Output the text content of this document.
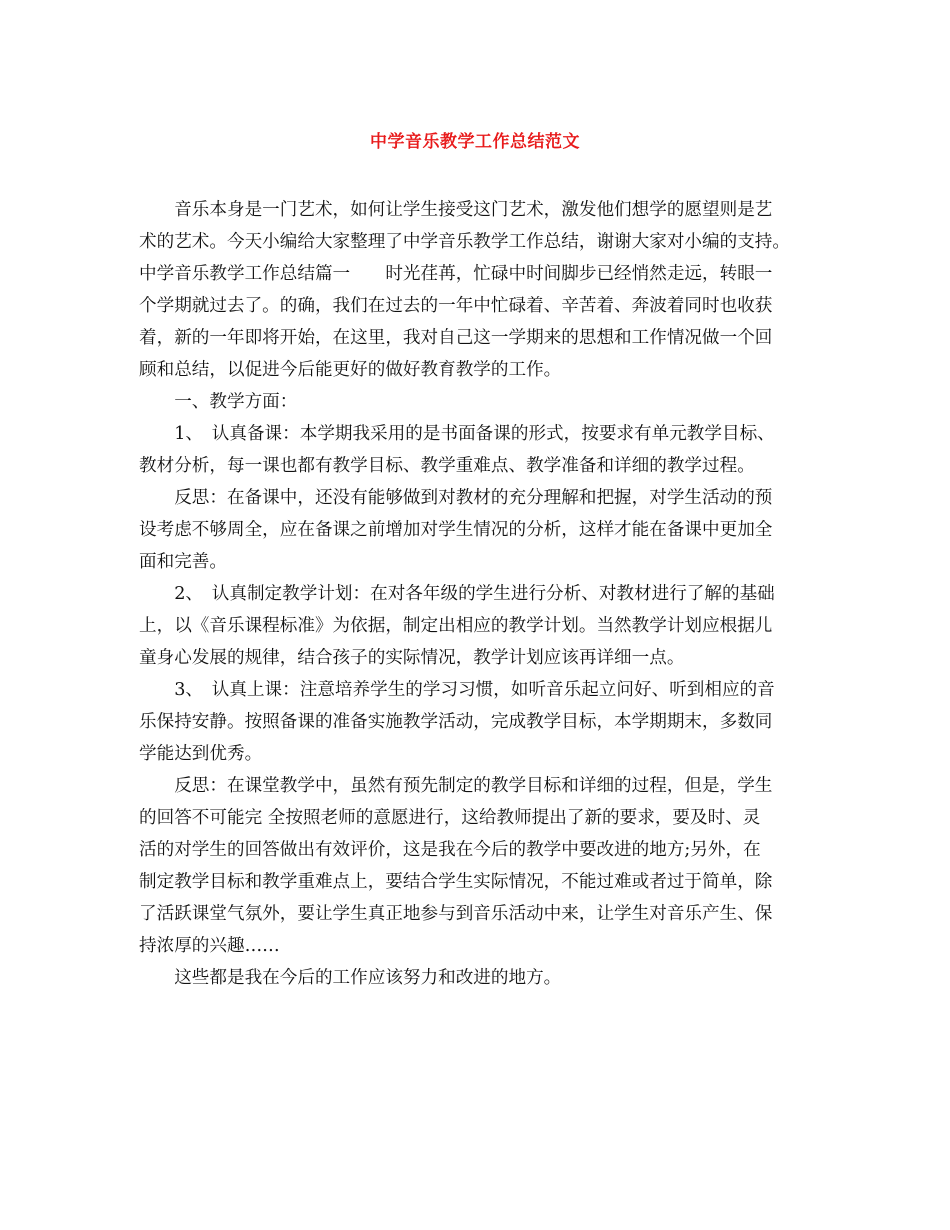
中学音乐教学工作总结范文
　　音乐本身是一门艺术，如何让学生接受这门艺术，激发他们想学的愿望则是艺
术的艺术。今天小编给大家整理了中学音乐教学工作总结，谢谢大家对小编的支持。
中学音乐教学工作总结篇一　　时光荏苒，忙碌中时间脚步已经悄然走远，转眼一
个学期就过去了。的确，我们在过去的一年中忙碌着、辛苦着、奔波着同时也收获
着，新的一年即将开始，在这里，我对自己这一学期来的思想和工作情况做一个回
顾和总结，以促进今后能更好的做好教育教学的工作。
　　一、教学方面：
　　1、　认真备课：本学期我采用的是书面备课的形式，按要求有单元教学目标、
教材分析，每一课也都有教学目标、教学重难点、教学准备和详细的教学过程。
　　反思：在备课中，还没有能够做到对教材的充分理解和把握，对学生活动的预
设考虑不够周全，应在备课之前增加对学生情况的分析，这样才能在备课中更加全
面和完善。
　　2、　认真制定教学计划：在对各年级的学生进行分析、对教材进行了解的基础
上，以《音乐课程标准》为依据，制定出相应的教学计划。当然教学计划应根据儿
童身心发展的规律，结合孩子的实际情况，教学计划应该再详细一点。
　　3、　认真上课：注意培养学生的学习习惯，如听音乐起立问好、听到相应的音
乐保持安静。按照备课的准备实施教学活动，完成教学目标，本学期期末，多数同
学能达到优秀。
　　反思：在课堂教学中，虽然有预先制定的教学目标和详细的过程，但是，学生
的回答不可能完 全按照老师的意愿进行，这给教师提出了新的要求，要及时、灵
活的对学生的回答做出有效评价，这是我在今后的教学中要改进的地方;另外，在
制定教学目标和教学重难点上，要结合学生实际情况，不能过难或者过于简单，除
了活跃课堂气氛外，要让学生真正地参与到音乐活动中来，让学生对音乐产生、保
持浓厚的兴趣……
　　这些都是我在今后的工作应该努力和改进的地方。
